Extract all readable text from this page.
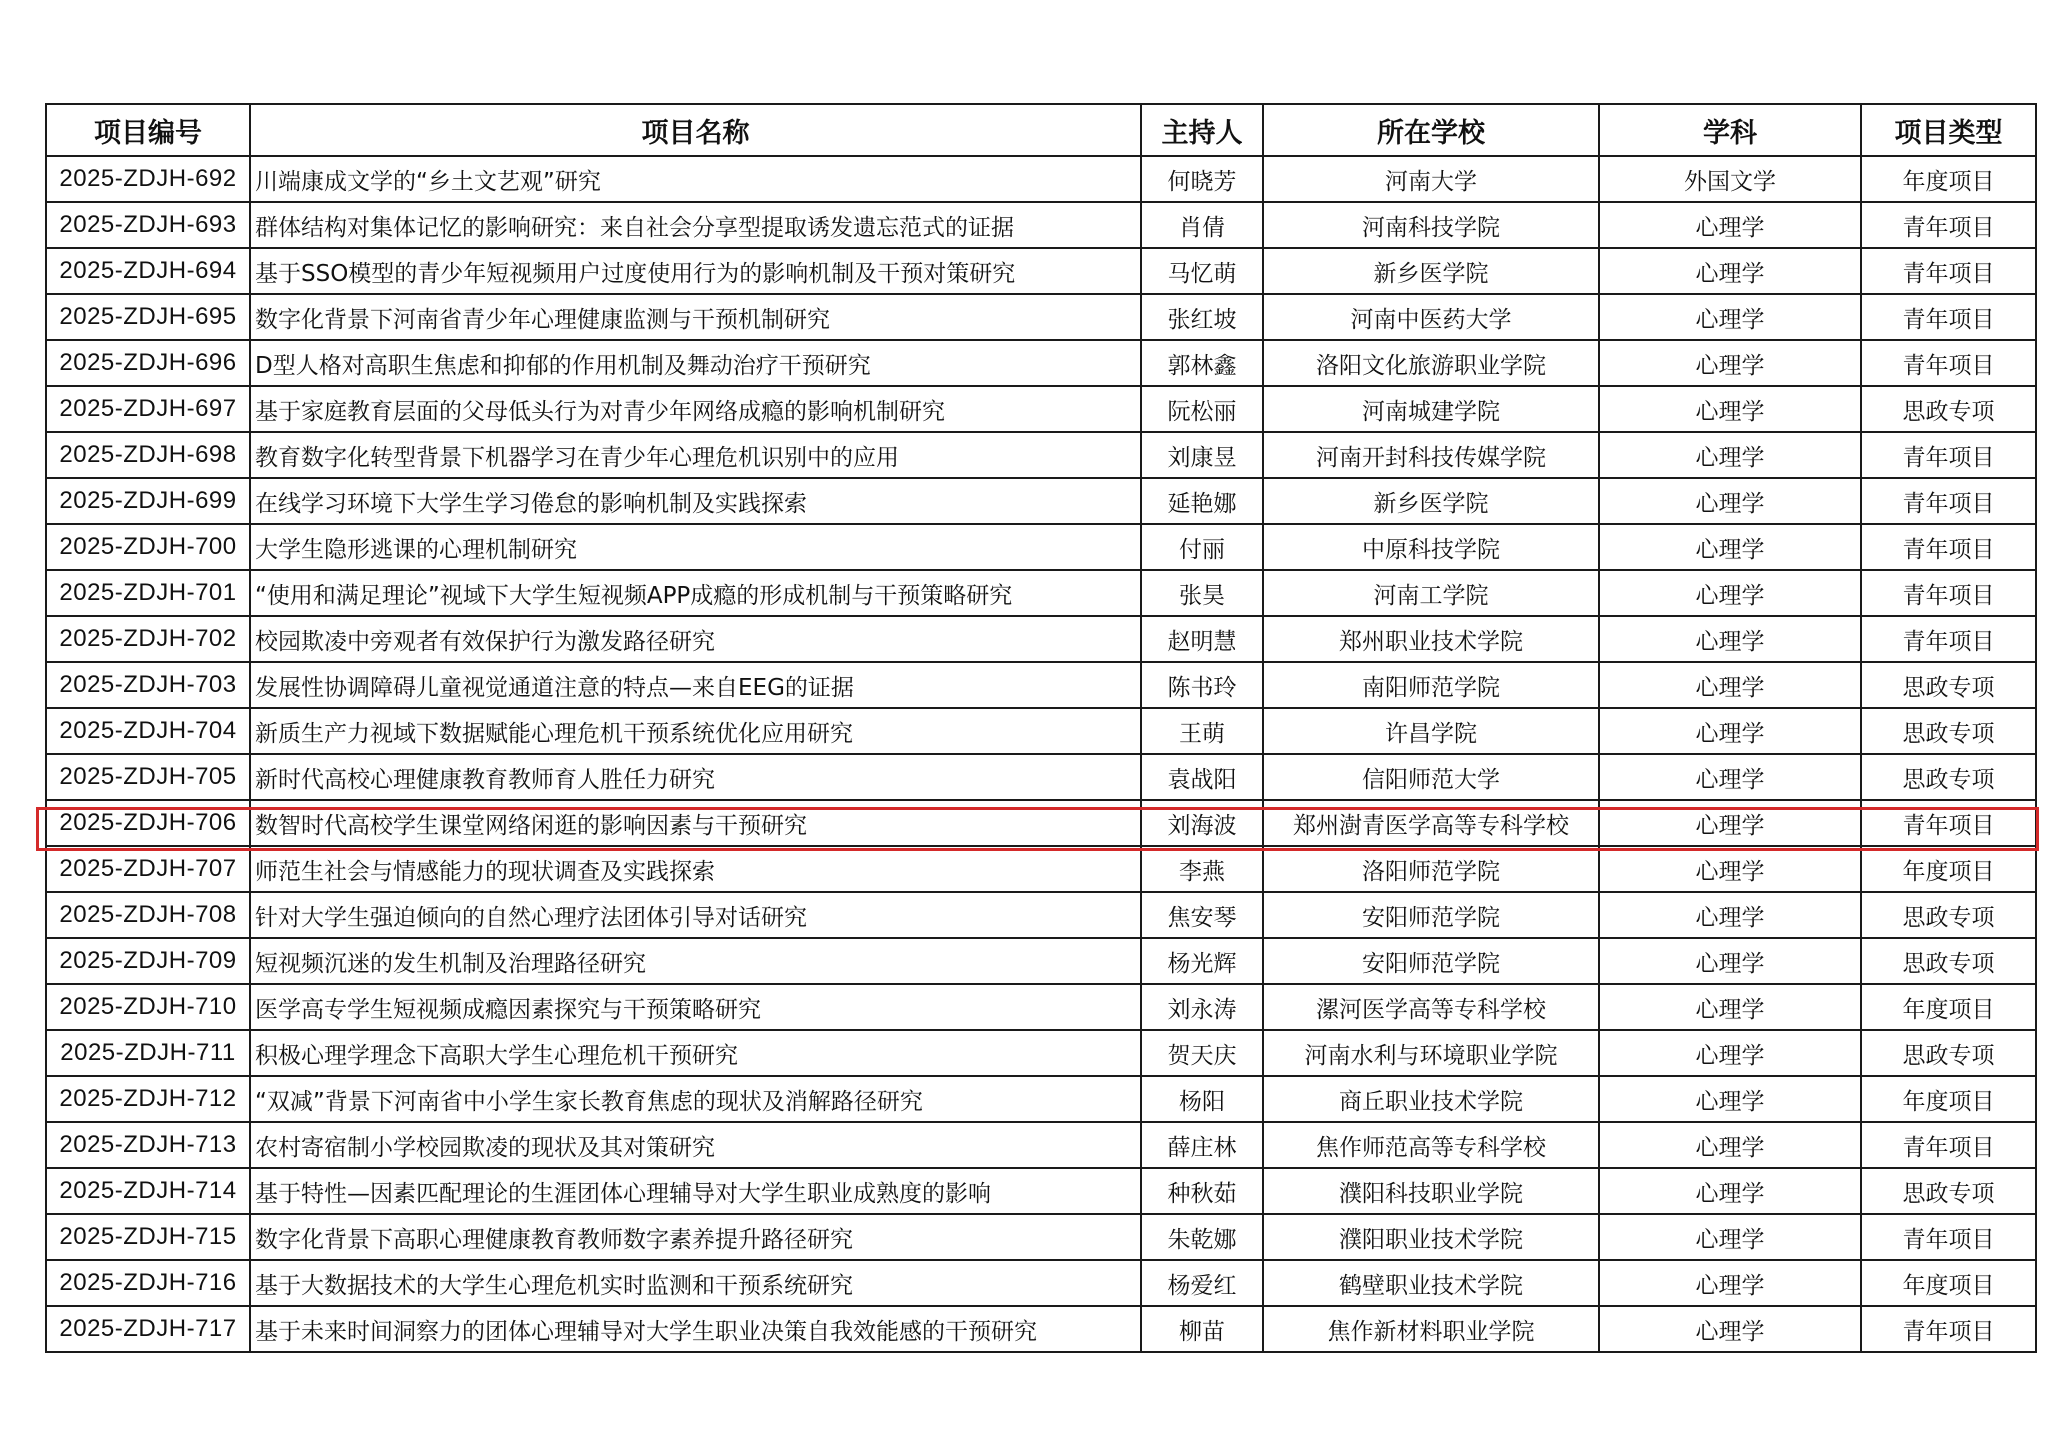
项目编号	项目名称	主持人	所在学校	学科	项目类型
2025-ZDJH-692	川端康成文学的“乡土文艺观”研究	何晓芳	河南大学	外国文学	年度项目
2025-ZDJH-693	群体结构对集体记忆的影响研究：来自社会分享型提取诱发遗忘范式的证据	肖倩	河南科技学院	心理学	青年项目
2025-ZDJH-694	基于SSO模型的青少年短视频用户过度使用行为的影响机制及干预对策研究	马忆萌	新乡医学院	心理学	青年项目
2025-ZDJH-695	数字化背景下河南省青少年心理健康监测与干预机制研究	张红坡	河南中医药大学	心理学	青年项目
2025-ZDJH-696	D型人格对高职生焦虑和抑郁的作用机制及舞动治疗干预研究	郭林鑫	洛阳文化旅游职业学院	心理学	青年项目
2025-ZDJH-697	基于家庭教育层面的父母低头行为对青少年网络成瘾的影响机制研究	阮松丽	河南城建学院	心理学	思政专项
2025-ZDJH-698	教育数字化转型背景下机器学习在青少年心理危机识别中的应用	刘康昱	河南开封科技传媒学院	心理学	青年项目
2025-ZDJH-699	在线学习环境下大学生学习倦怠的影响机制及实践探索	延艳娜	新乡医学院	心理学	青年项目
2025-ZDJH-700	大学生隐形逃课的心理机制研究	付丽	中原科技学院	心理学	青年项目
2025-ZDJH-701	“使用和满足理论”视域下大学生短视频APP成瘾的形成机制与干预策略研究	张昊	河南工学院	心理学	青年项目
2025-ZDJH-702	校园欺凌中旁观者有效保护行为激发路径研究	赵明慧	郑州职业技术学院	心理学	青年项目
2025-ZDJH-703	发展性协调障碍儿童视觉通道注意的特点—来自EEG的证据	陈书玲	南阳师范学院	心理学	思政专项
2025-ZDJH-704	新质生产力视域下数据赋能心理危机干预系统优化应用研究	王萌	许昌学院	心理学	思政专项
2025-ZDJH-705	新时代高校心理健康教育教师育人胜任力研究	袁战阳	信阳师范大学	心理学	思政专项
2025-ZDJH-706	数智时代高校学生课堂网络闲逛的影响因素与干预研究	刘海波	郑州澍青医学高等专科学校	心理学	青年项目
2025-ZDJH-707	师范生社会与情感能力的现状调查及实践探索	李燕	洛阳师范学院	心理学	年度项目
2025-ZDJH-708	针对大学生强迫倾向的自然心理疗法团体引导对话研究	焦安琴	安阳师范学院	心理学	思政专项
2025-ZDJH-709	短视频沉迷的发生机制及治理路径研究	杨光辉	安阳师范学院	心理学	思政专项
2025-ZDJH-710	医学高专学生短视频成瘾因素探究与干预策略研究	刘永涛	漯河医学高等专科学校	心理学	年度项目
2025-ZDJH-711	积极心理学理念下高职大学生心理危机干预研究	贺天庆	河南水利与环境职业学院	心理学	思政专项
2025-ZDJH-712	“双减”背景下河南省中小学生家长教育焦虑的现状及消解路径研究	杨阳	商丘职业技术学院	心理学	年度项目
2025-ZDJH-713	农村寄宿制小学校园欺凌的现状及其对策研究	薛庄林	焦作师范高等专科学校	心理学	青年项目
2025-ZDJH-714	基于特性—因素匹配理论的生涯团体心理辅导对大学生职业成熟度的影响	种秋茹	濮阳科技职业学院	心理学	思政专项
2025-ZDJH-715	数字化背景下高职心理健康教育教师数字素养提升路径研究	朱乾娜	濮阳职业技术学院	心理学	青年项目
2025-ZDJH-716	基于大数据技术的大学生心理危机实时监测和干预系统研究	杨爱红	鹤壁职业技术学院	心理学	年度项目
2025-ZDJH-717	基于未来时间洞察力的团体心理辅导对大学生职业决策自我效能感的干预研究	柳苗	焦作新材料职业学院	心理学	青年项目
